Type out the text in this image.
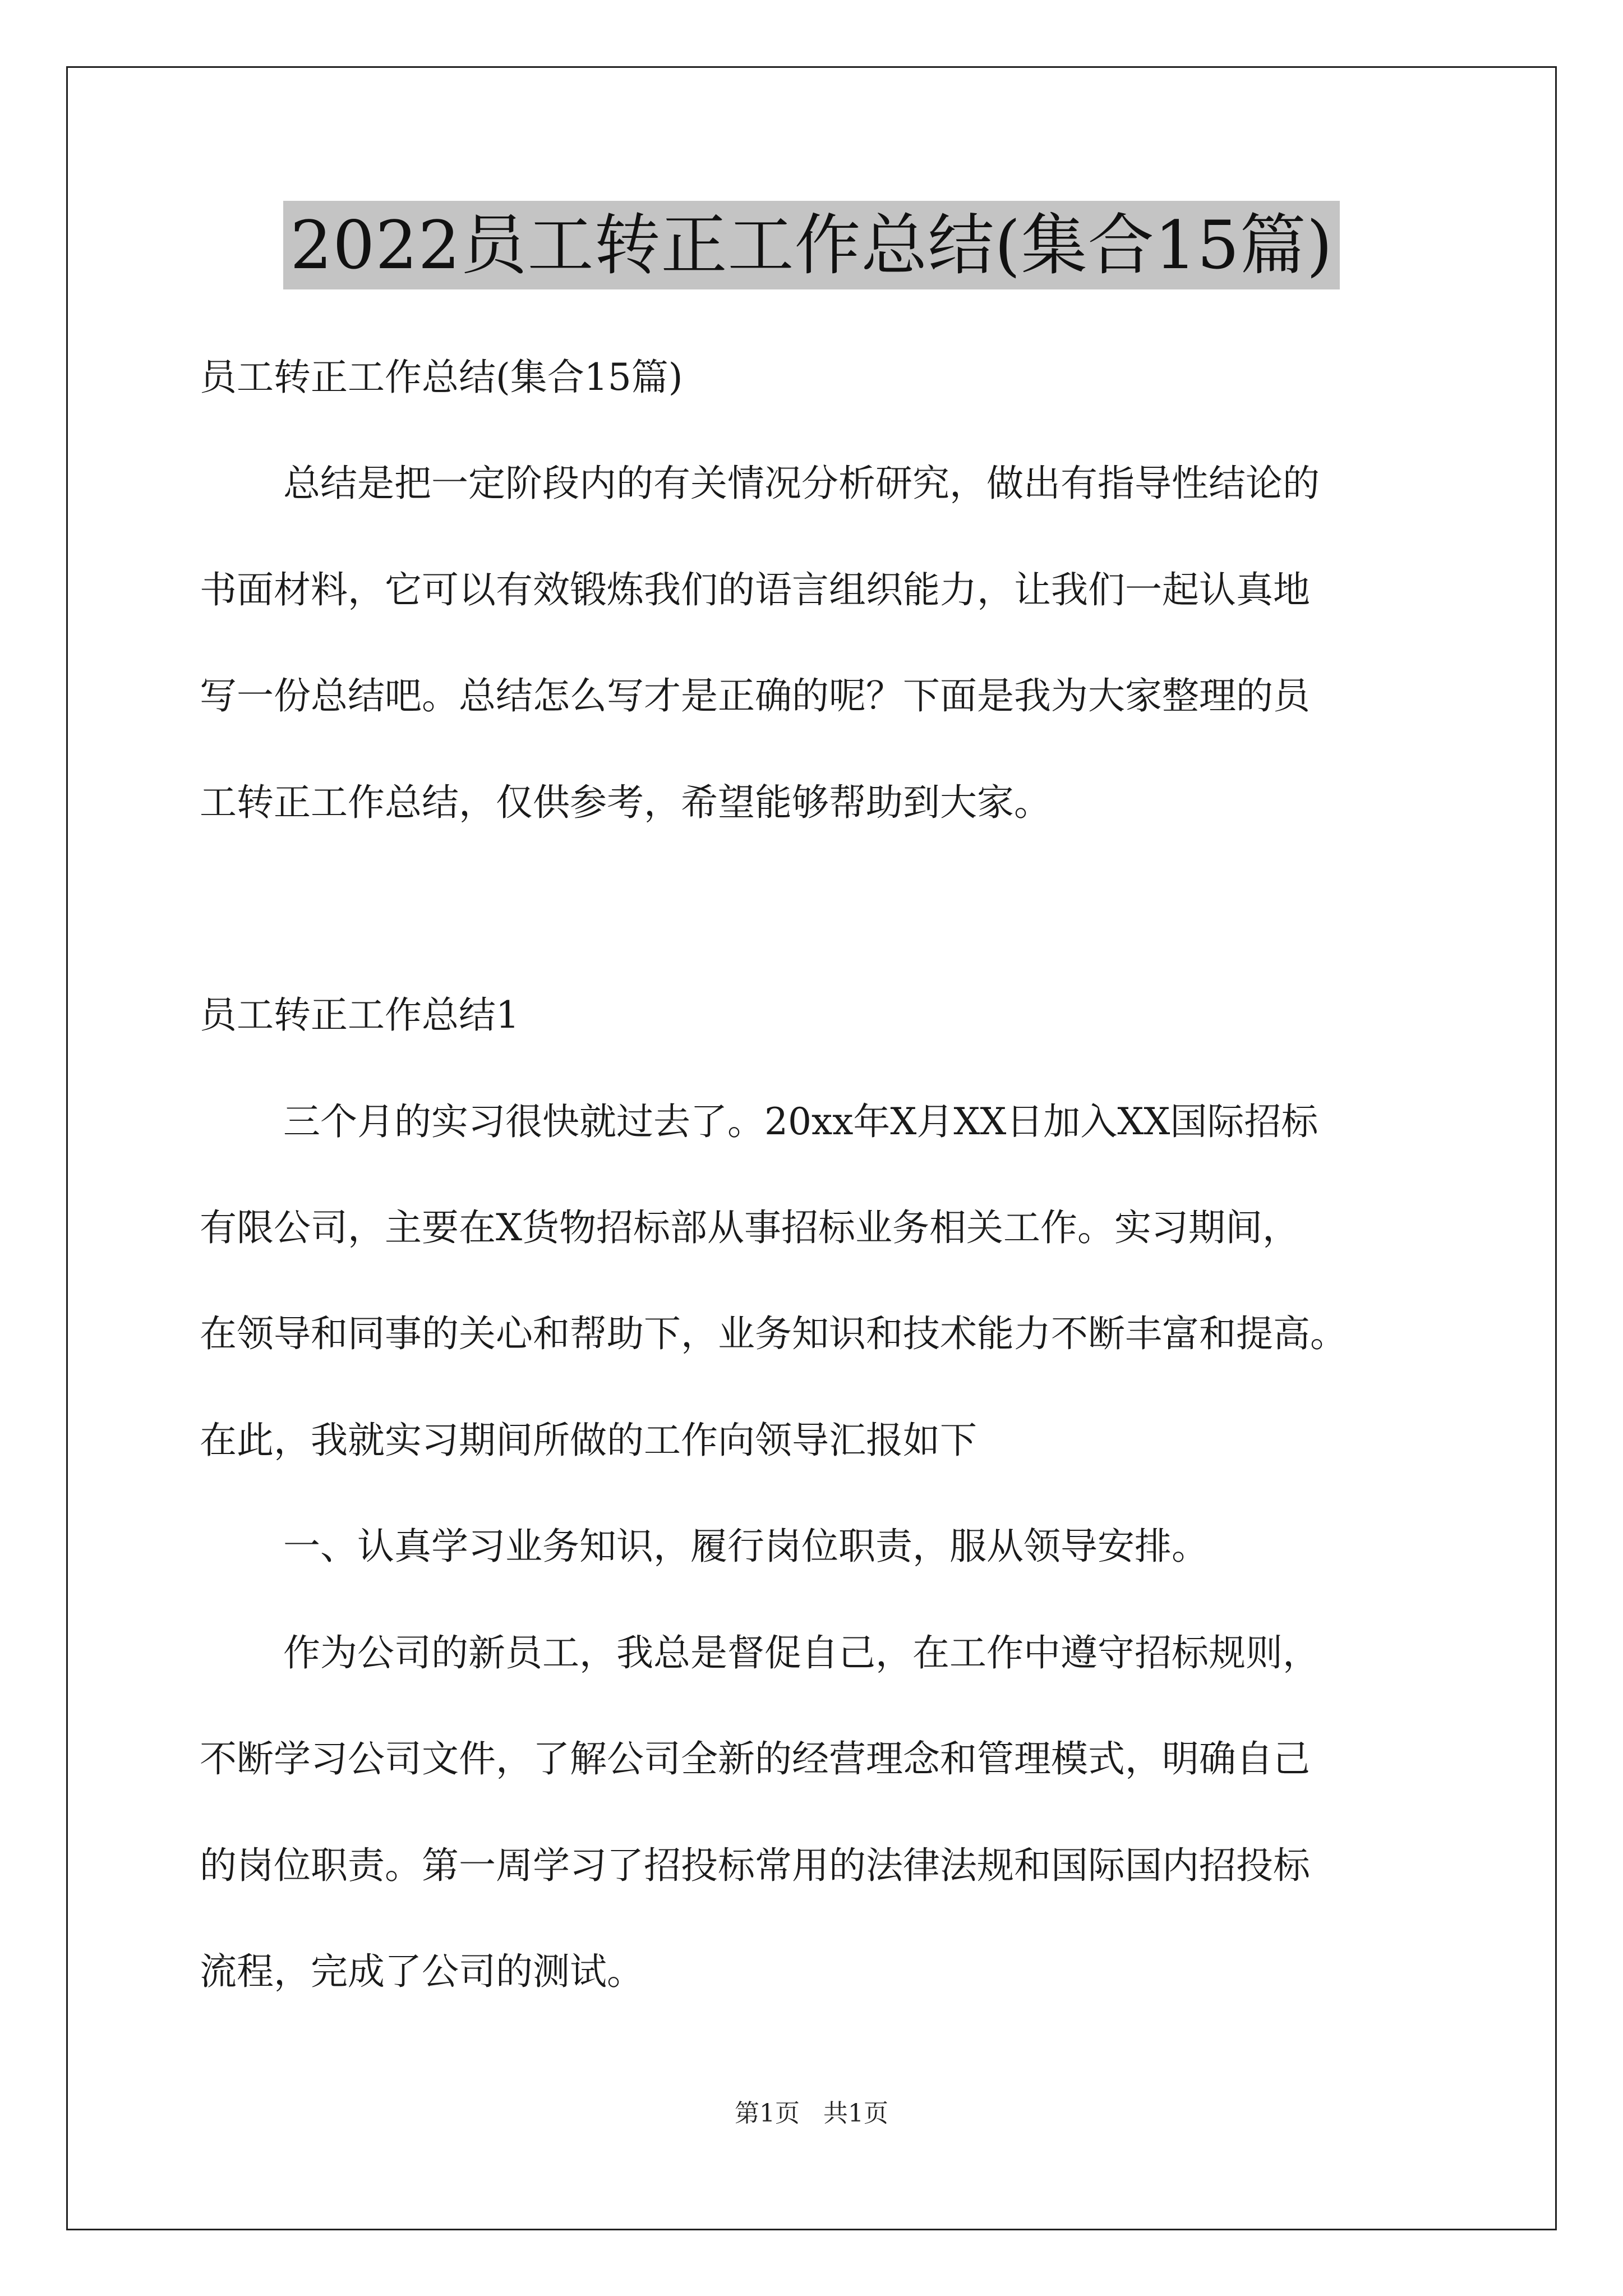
2022员工转正工作总结(集合15篇)
员工转正工作总结(集合15篇)
总结是把一定阶段内的有关情况分析研究，做出有指导性结论的
书面材料，它可以有效锻炼我们的语言组织能力，让我们一起认真地
写一份总结吧。总结怎么写才是正确的呢？下面是我为大家整理的员
工转正工作总结，仅供参考，希望能够帮助到大家。
员工转正工作总结1
三个月的实习很快就过去了。20xx年X月XX日加入XX国际招标
有限公司，主要在X货物招标部从事招标业务相关工作。实习期间，
在领导和同事的关心和帮助下，业务知识和技术能力不断丰富和提高。
在此，我就实习期间所做的工作向领导汇报如下
一、认真学习业务知识，履行岗位职责，服从领导安排。
作为公司的新员工，我总是督促自己，在工作中遵守招标规则，
不断学习公司文件，了解公司全新的经营理念和管理模式，明确自己
的岗位职责。第一周学习了招投标常用的法律法规和国际国内招投标
流程，完成了公司的测试。
第1页 共1页
